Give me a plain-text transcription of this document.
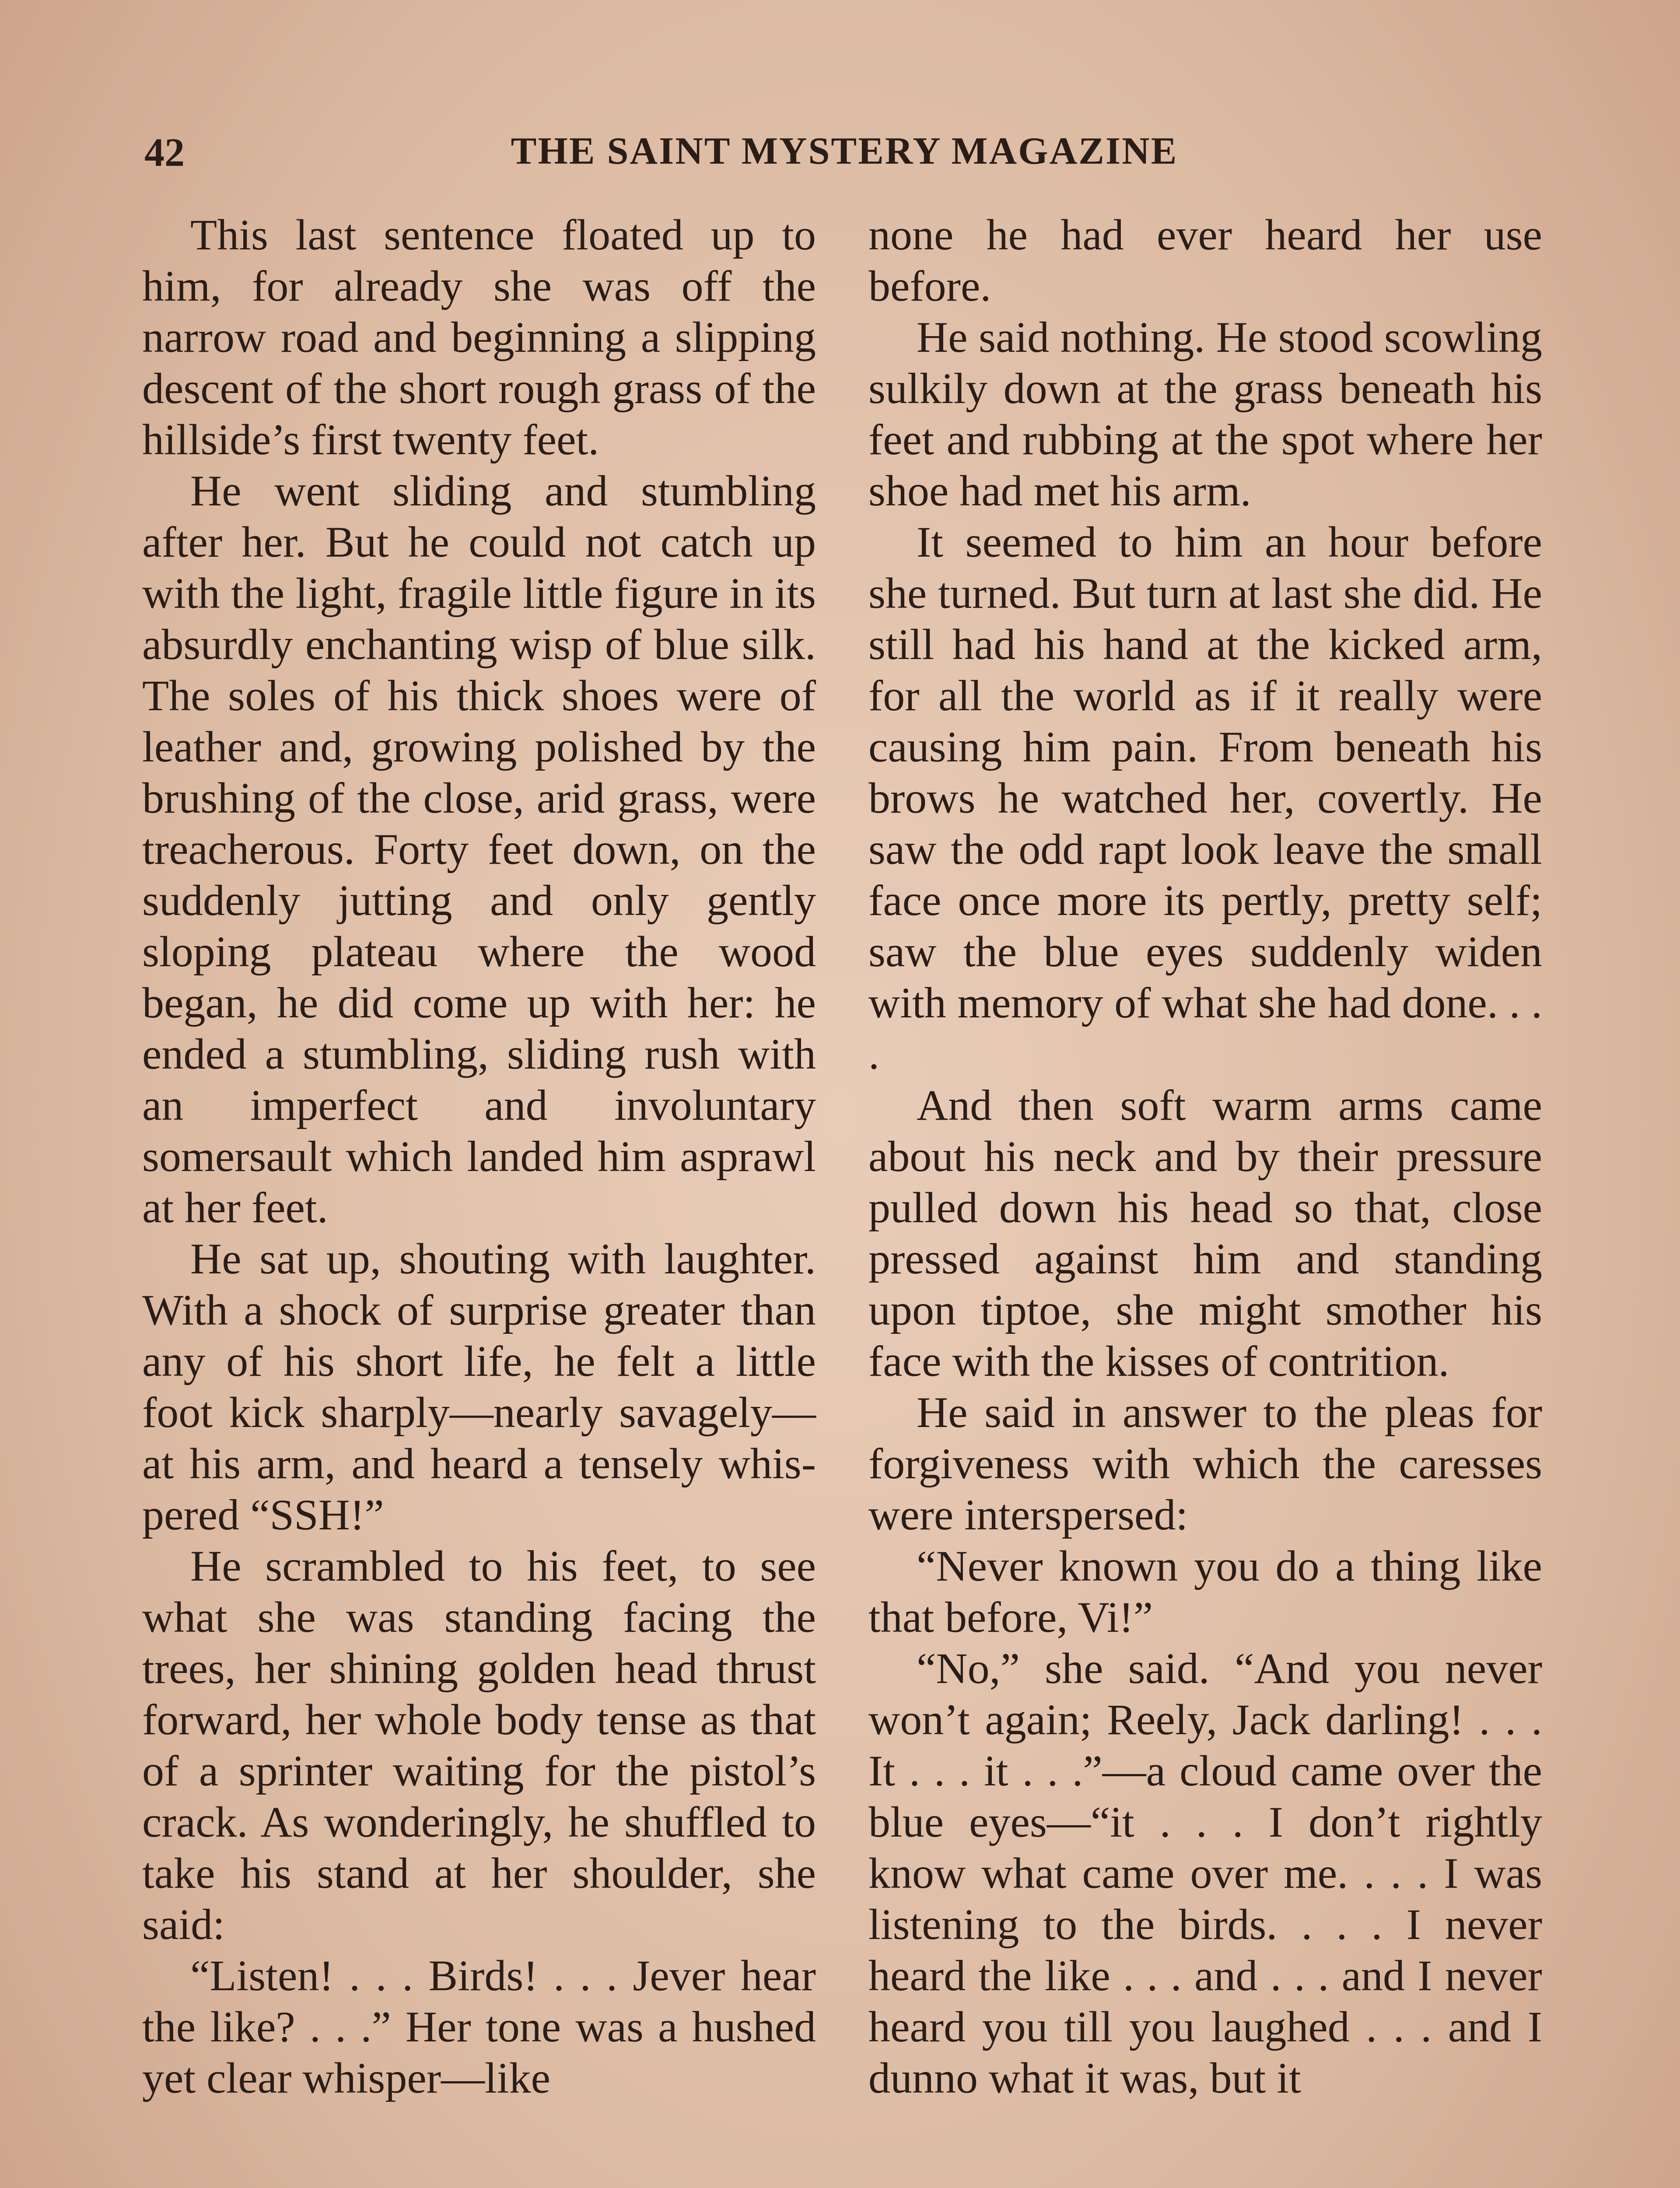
42	THE SAINT MYSTERY MAGAZINE

This last sentence floated up to him, for already she was off the narrow road and beginning a slipping descent of the short rough grass of the hillside’s first twenty feet.

He went sliding and stumbling after her. But he could not catch up with the light, fragile little figure in its absurdly enchanting wisp of blue silk. The soles of his thick shoes were of leather and, growing polished by the brushing of the close, arid grass, were treacherous. Forty feet down, on the suddenly jutting and only gently sloping plateau where the wood began, he did come up with her: he ended a stumbling, sliding rush with an imperfect and involuntary somersault which landed him asprawl at her feet.

He sat up, shouting with laughter. With a shock of surprise greater than any of his short life, he felt a little foot kick sharply—nearly savagely—at his arm, and heard a tensely whispered “SSH!”

He scrambled to his feet, to see what she was standing facing the trees, her shining golden head thrust forward, her whole body tense as that of a sprinter waiting for the pistol’s crack. As wonderingly, he shuffled to take his stand at her shoulder, she said:

“Listen! . . . Birds! . . . Jever hear the like? . . .” Her tone was a hushed yet clear whisper—like

none he had ever heard her use before.

He said nothing. He stood scowling sulkily down at the grass beneath his feet and rubbing at the spot where her shoe had met his arm.

It seemed to him an hour before she turned. But turn at last she did. He still had his hand at the kicked arm, for all the world as if it really were causing him pain. From beneath his brows he watched her, covertly. He saw the odd rapt look leave the small face once more its pertly, pretty self; saw the blue eyes suddenly widen with memory of what she had done. . . .

And then soft warm arms came about his neck and by their pressure pulled down his head so that, close pressed against him and standing upon tiptoe, she might smother his face with the kisses of contrition.

He said in answer to the pleas for forgiveness with which the caresses were interspersed:

“Never known you do a thing like that before, Vi!”

“No,” she said. “And you never won’t again; Reely, Jack darling! . . . It . . . it . . .”—a cloud came over the blue eyes—“it . . . I don’t rightly know what came over me. . . . I was listening to the birds. . . . I never heard the like . . . and . . . and I never heard you till you laughed . . . and I dunno what it was, but it
